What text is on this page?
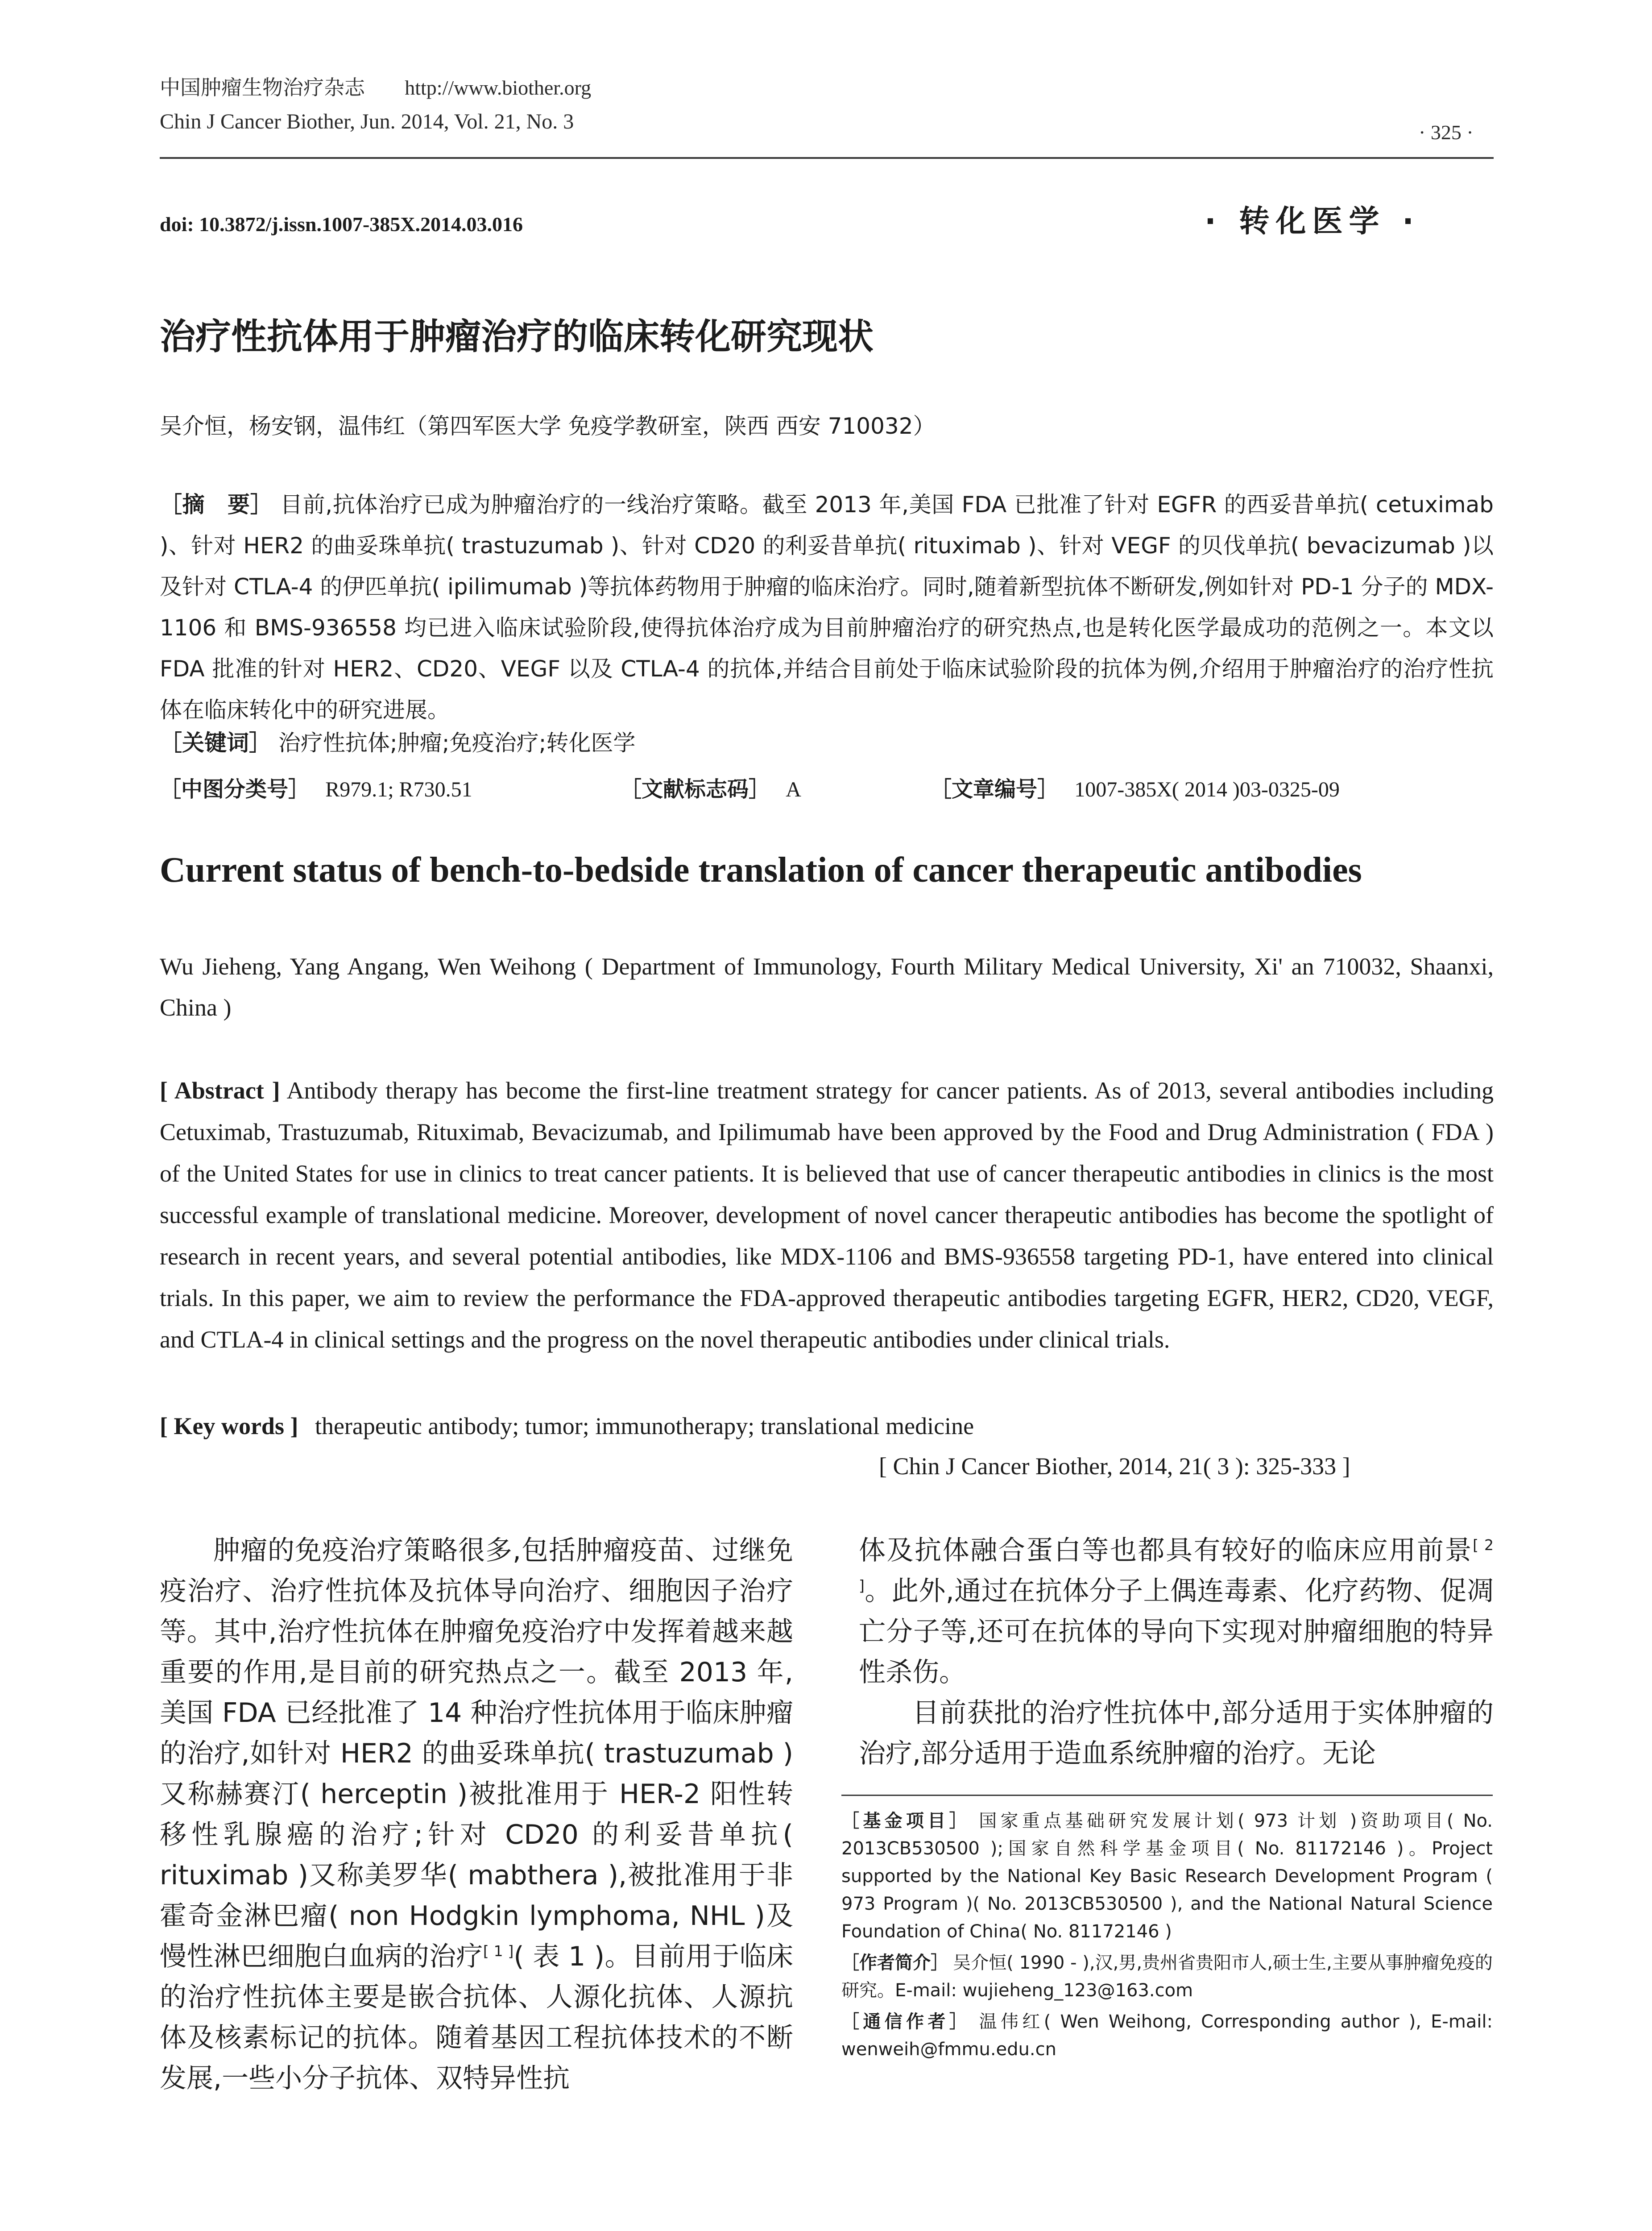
中国肿瘤生物治疗杂志 http://www.biother.org
Chin J Cancer Biother, Jun. 2014, Vol. 21, No. 3	· 325 ·
doi: 10.3872/j.issn.1007-385X.2014.03.016	· 转化医学 ·
治疗性抗体用于肿瘤治疗的临床转化研究现状
吴介恒，杨安钢，温伟红（第四军医大学 免疫学教研室，陕西 西安 710032）
［摘　要］ 目前,抗体治疗已成为肿瘤治疗的一线治疗策略。截至 2013 年,美国 FDA 已批准了针对 EGFR 的西妥昔单抗( cetuximab )、针对 HER2 的曲妥珠单抗( trastuzumab )、针对 CD20 的利妥昔单抗( rituximab )、针对 VEGF 的贝伐单抗( bevacizumab )以及针对 CTLA-4 的伊匹单抗( ipilimumab )等抗体药物用于肿瘤的临床治疗。同时,随着新型抗体不断研发,例如针对 PD-1 分子的 MDX-1106 和 BMS-936558 均已进入临床试验阶段,使得抗体治疗成为目前肿瘤治疗的研究热点,也是转化医学最成功的范例之一。本文以 FDA 批准的针对 HER2、CD20、VEGF 以及 CTLA-4 的抗体,并结合目前处于临床试验阶段的抗体为例,介绍用于肿瘤治疗的治疗性抗体在临床转化中的研究进展。
［关键词］ 治疗性抗体;肿瘤;免疫治疗;转化医学
［中图分类号］ R979.1; R730.51	［文献标志码］ A	［文章编号］ 1007-385X( 2014 )03-0325-09
Current status of bench-to-bedside translation of cancer therapeutic antibodies
Wu Jieheng, Yang Angang, Wen Weihong ( Department of Immunology, Fourth Military Medical University, Xi' an 710032, Shaanxi, China )
[ Abstract ] Antibody therapy has become the first-line treatment strategy for cancer patients. As of 2013, several antibodies including Cetuximab, Trastuzumab, Rituximab, Bevacizumab, and Ipilimumab have been approved by the Food and Drug Administration ( FDA ) of the United States for use in clinics to treat cancer patients. It is believed that use of cancer therapeutic antibodies in clinics is the most successful example of translational medicine. Moreover, development of novel cancer therapeutic antibodies has become the spotlight of research in recent years, and several potential antibodies, like MDX-1106 and BMS-936558 targeting PD-1, have entered into clinical trials. In this paper, we aim to review the performance the FDA-approved therapeutic antibodies targeting EGFR, HER2, CD20, VEGF, and CTLA-4 in clinical settings and the progress on the novel therapeutic antibodies under clinical trials.
[ Key words ] therapeutic antibody; tumor; immunotherapy; translational medicine
[ Chin J Cancer Biother, 2014, 21( 3 ): 325-333 ]

肿瘤的免疫治疗策略很多,包括肿瘤疫苗、过继免疫治疗、治疗性抗体及抗体导向治疗、细胞因子治疗等。其中,治疗性抗体在肿瘤免疫治疗中发挥着越来越重要的作用,是目前的研究热点之一。截至 2013 年,美国 FDA 已经批准了 14 种治疗性抗体用于临床肿瘤的治疗,如针对 HER2 的曲妥珠单抗( trastuzumab )又称赫赛汀( herceptin )被批准用于 HER-2 阳性转移性乳腺癌的治疗;针对 CD20 的利妥昔单抗( rituximab )又称美罗华( mabthera ),被批准用于非霍奇金淋巴瘤( non Hodgkin lymphoma, NHL )及慢性淋巴细胞白血病的治疗[ 1 ]( 表 1 )。目前用于临床的治疗性抗体主要是嵌合抗体、人源化抗体、人源抗体及核素标记的抗体。随着基因工程抗体技术的不断发展,一些小分子抗体、双特异性抗

体及抗体融合蛋白等也都具有较好的临床应用前景[ 2 ]。此外,通过在抗体分子上偶连毒素、化疗药物、促凋亡分子等,还可在抗体的导向下实现对肿瘤细胞的特异性杀伤。

目前获批的治疗性抗体中,部分适用于实体肿瘤的治疗,部分适用于造血系统肿瘤的治疗。无论

［基金项目］ 国家重点基础研究发展计划( 973 计划 )资助项目( No. 2013CB530500 );国家自然科学基金项目( No. 81172146 )。Project supported by the National Key Basic Research Development Program ( 973 Program )( No. 2013CB530500 ), and the National Natural Science Foundation of China( No. 81172146 )
［作者简介］ 吴介恒( 1990 - ),汉,男,贵州省贵阳市人,硕士生,主要从事肿瘤免疫的研究。E-mail: wujieheng_123@163.com
［通信作者］ 温伟红( Wen Weihong, Corresponding author ), E-mail: wenweih@fmmu.edu.cn
